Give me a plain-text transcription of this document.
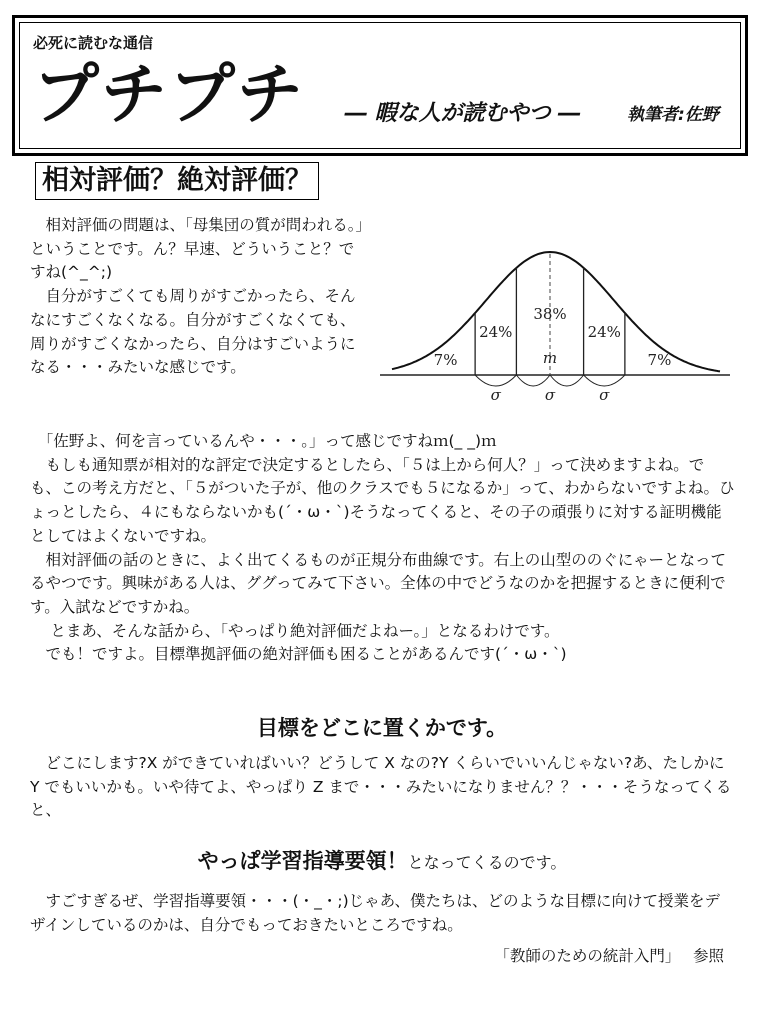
必死に読むな通信
プチプチ ― 暇な人が読むやつ ―	執筆者:佐野
相対評価？絶対評価？

　相対評価の問題は、「母集団の質が問われる。」ということです。ん？早速、どういうこと？ですね(^_^;)

　自分がすごくても周りがすごかったら、そんなにすごくなくなる。自分がすごくなくても、周りがすごくなかったら、自分はすごいようになる・・・みたいな感じです。	7%
24%
38%
24%
7%
m
σ	σ	σ

　「佐野よ、何を言っているんや・・・。」って感じですねｍ(_ _)ｍ

　もしも通知票が相対的な評定で決定するとしたら、「５は上から何人？」って決めますよね。でも、この考え方だと、「５がついた子が、他のクラスでも５になるか」って、わからないですよね。ひょっとしたら、４にもならないかも(´・ω・`)そうなってくると、その子の頑張りに対する証明機能としてはよくないですね。

　相対評価の話のときに、よく出てくるものが正規分布曲線です。右上の山型ののぐにゃーとなってるやつです。興味がある人は、ググってみて下さい。全体の中でどうなのかを把握するときに便利です。入試などですかね。

　 とまあ、そんな話から、「やっぱり絶対評価だよねー。」となるわけです。

　でも！ですよ。目標準拠評価の絶対評価も困ることがあるんです(´・ω・`)

目標をどこに置くかです。

　どこにします?X ができていればいい？どうして X なの?Y くらいでいいんじゃない?あ、たしかに Y でもいいかも。いや待てよ、やっぱり Z まで・・・みたいになりません？？・・・そうなってくると、

やっぱ学習指導要領！となってくるのです。

　すごすぎるぜ、学習指導要領・・・(・_・;)じゃあ、僕たちは、どのような目標に向けて授業をデザインしているのかは、自分でもっておきたいところですね。

「教師のための統計入門」　 参照
